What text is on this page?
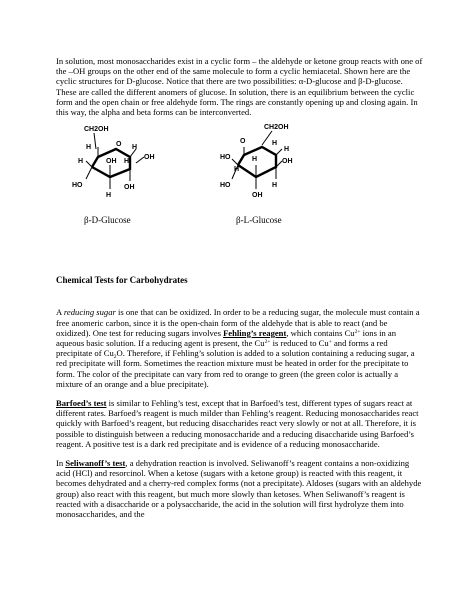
In solution, most monosaccharides exist in a cyclic form – the aldehyde or ketone group reacts with one of the –OH groups on the other end of the same molecule to form a cyclic hemiacetal. Shown here are the cyclic structures for D-glucose. Notice that there are two possibilities: α-D-glucose and β-D-glucose. These are called the different anomers of glucose. In solution, there is an equilibrium between the cyclic form and the open chain or free aldehyde form. The rings are constantly opening up and closing again. In this way, the alpha and beta forms can be interconverted.

CH2OH
H	O H
OH
H	OH H
HO
H
OH
β-D-Glucose
CH2OH
O	H
H
HO	H	OH
HO
OH
H
H
β-L-Glucose
Chemical Tests for Carbohydrates

A reducing sugar is one that can be oxidized. In order to be a reducing sugar, the molecule must contain a free anomeric carbon, since it is the open-chain form of the aldehyde that is able to react (and be oxidized). One test for reducing sugars involves Fehling’s reagent, which contains $Cu^{2+}$ ions in an aqueous basic solution. If a reducing agent is present, the $Cu^{2+}$ is reduced to Cu+ and forms a red precipitate of $Cu_2O$. Therefore, if Fehling’s solution is added to a solution containing a reducing sugar, a red precipitate will form. Sometimes the reaction mixture must be heated in order for the precipitate to form. The color of the precipitate can vary from red to orange to green (the green color is actually a mixture of an orange and a blue precipitate).

Barfoed’s test is similar to Fehling’s test, except that in Barfoed’s test, different types of sugars react at different rates. Barfoed’s reagent is much milder than Fehling’s reagent. Reducing monosaccharides react quickly with Barfoed’s reagent, but reducing disaccharides react very slowly or not at all. Therefore, it is possible to distinguish between a reducing monosaccharide and a reducing disaccharide using Barfoed’s reagent. A positive test is a dark red precipitate and is evidence of a reducing monosaccharide.

In Seliwanoff’s test, a dehydration reaction is involved. Seliwanoff’s reagent contains a non-oxidizing acid (HCl) and resorcinol. When a ketose (sugars with a ketone group) is reacted with this reagent, it becomes dehydrated and a cherry-red complex forms (not a precipitate). Aldoses (sugars with an aldehyde group) also react with this reagent, but much more slowly than ketoses. When Seliwanoff’s reagent is reacted with a disaccharide or a polysaccharide, the acid in the solution will first hydrolyze them into monosaccharides, and the
